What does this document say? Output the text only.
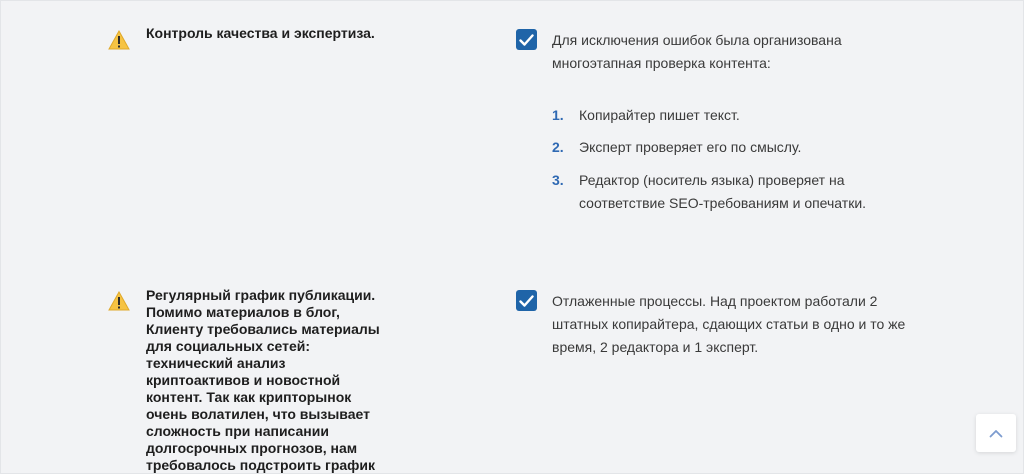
Контроль качества и экспертиза.	Для исключения ошибок была организована многоэтапная проверка контента:
1. Копирайтер пишет текст.
2. Эксперт проверяет его по смыслу.
3. Редактор (носитель языка) проверяет на соответствие SEO-требованиям и опечатки.
Регулярный график публикации. Помимо материалов в блог, Клиенту требовались материалы для социальных сетей: технический анализ криптоактивов и новостной контент. Так как крипторынок очень волатилен, что вызывает сложность при написании долгосрочных прогнозов, нам требовалось подстроить график
Отлаженные процессы. Над проектом работали 2 штатных копирайтера, сдающих статьи в одно и то же время, 2 редактора и 1 эксперт.
